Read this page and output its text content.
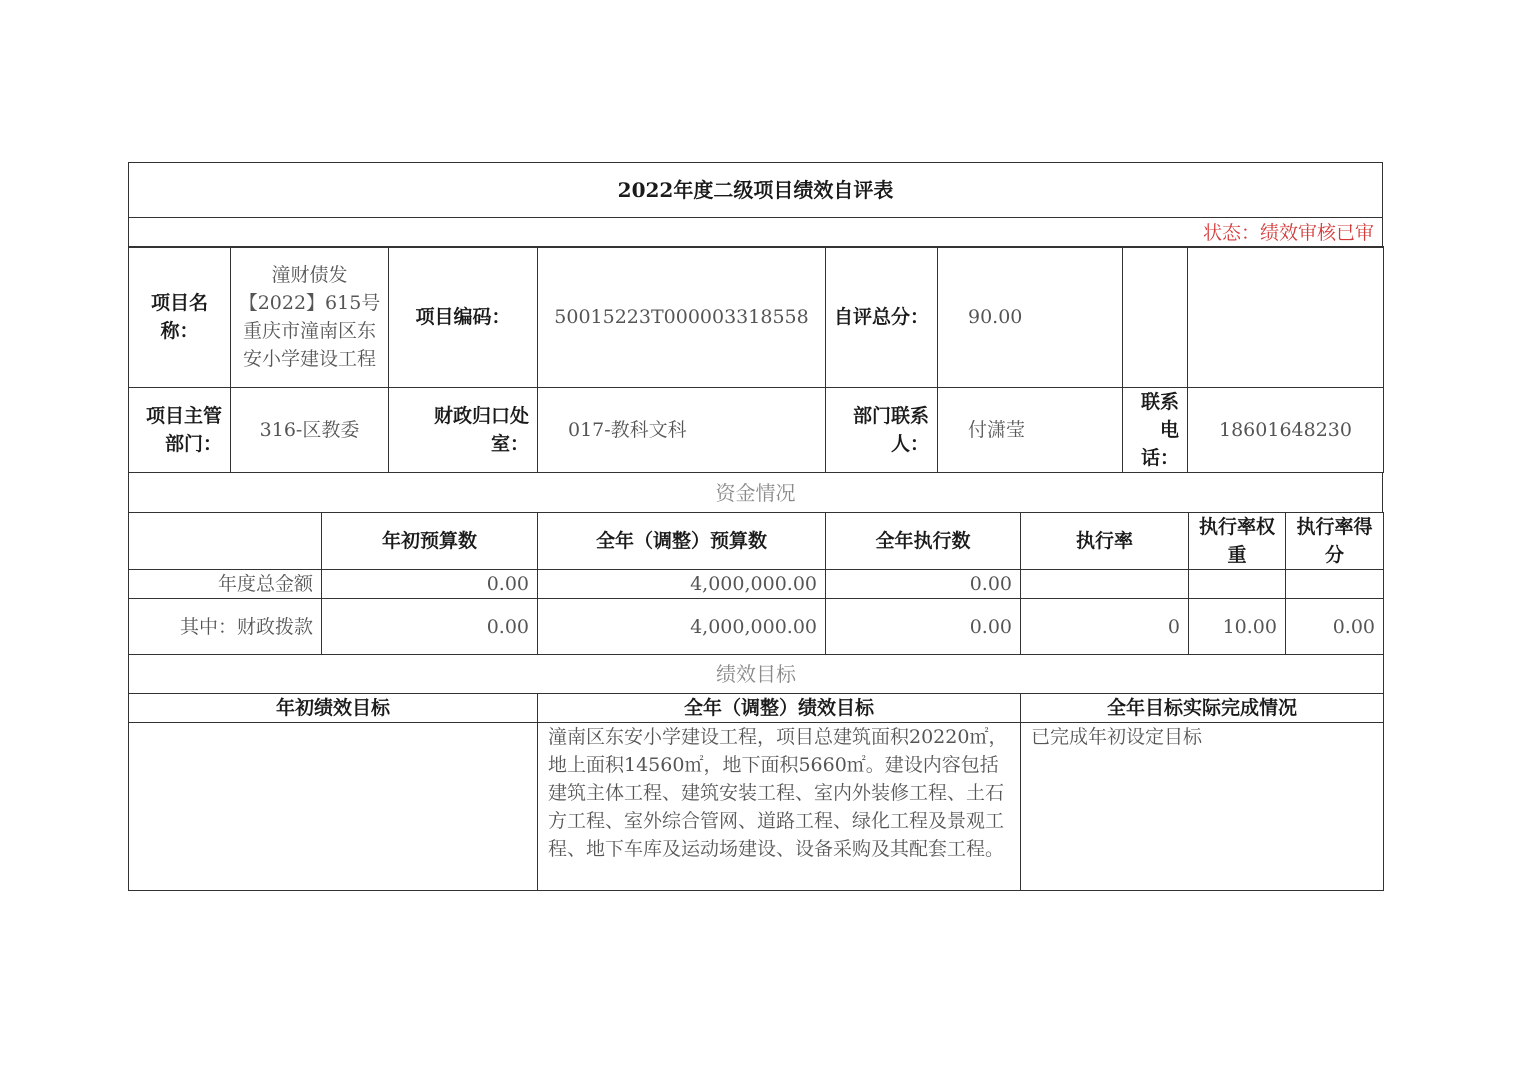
2022年度二级项目绩效自评表
状态：绩效审核已审
项目名称：	潼财债发【2022】615号重庆市潼南区东安小学建设工程	项目编码：	50015223T000003318558	自评总分：	90.00		
项目主管部门：	316-区教委	财政归口处室：	017-教科文科	部门联系人：	付潇莹	联系电话：	18601648230
资金情况
	年初预算数	全年（调整）预算数	全年执行数	执行率	执行率权重	执行率得分
年度总金额	0.00	4,000,000.00	0.00			
其中：财政拨款	0.00	4,000,000.00	0.00	0	10.00	0.00
绩效目标		
年初绩效目标	全年（调整）绩效目标	全年目标实际完成情况
	潼南区东安小学建设工程，项目总建筑面积20220㎡，地上面积14560㎡，地下面积5660㎡。建设内容包括建筑主体工程、建筑安装工程、室内外装修工程、土石方工程、室外综合管网、道路工程、绿化工程及景观工程、地下车库及运动场建设、设备采购及其配套工程。	已完成年初设定目标
